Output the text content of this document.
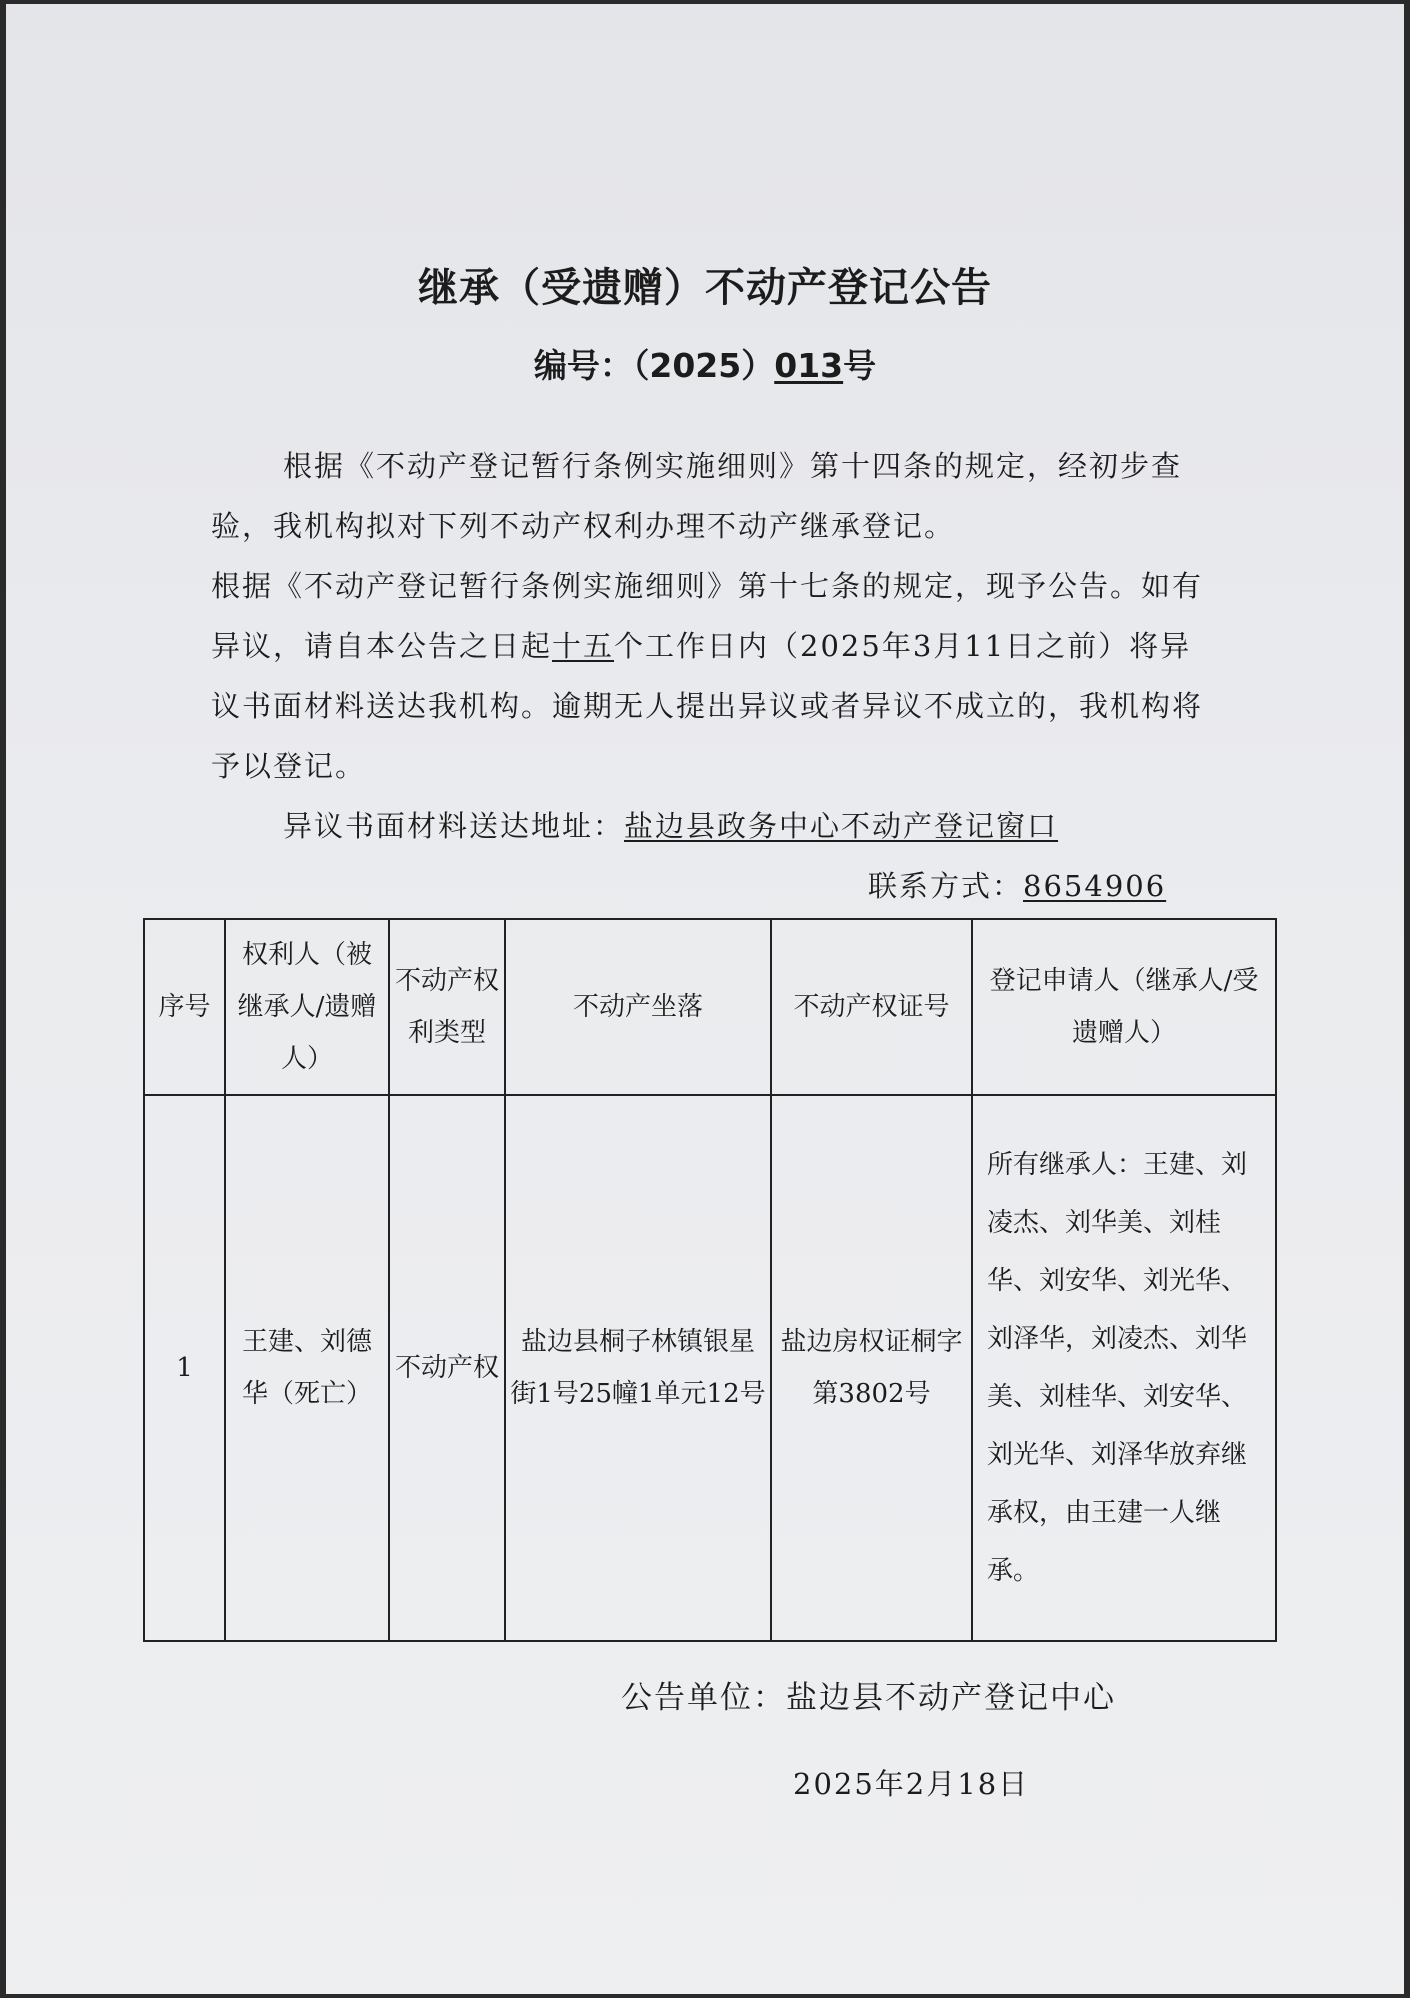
继承（受遗赠）不动产登记公告
编号：（2025）013号

根据《不动产登记暂行条例实施细则》第十四条的规定，经初步查验，我机构拟对下列不动产权利办理不动产继承登记。

根据《不动产登记暂行条例实施细则》第十七条的规定，现予公告。如有异议，请自本公告之日起十五个工作日内（2025年3月11日之前）将异议书面材料送达我机构。逾期无人提出异议或者异议不成立的，我机构将予以登记。

异议书面材料送达地址：盐边县政务中心不动产登记窗口
联系方式：8654906
序号	权利人（被继承人/遗赠人）	不动产权利类型	不动产坐落	不动产权证号	登记申请人（继承人/受遗赠人）
1	王建、刘德华（死亡）	不动产权	盐边县桐子林镇银星街1号25幢1单元12号	盐边房权证桐字第3802号	所有继承人：王建、刘凌杰、刘华美、刘桂华、刘安华、刘光华、刘泽华，刘凌杰、刘华美、刘桂华、刘安华、刘光华、刘泽华放弃继承权，由王建一人继承。
公告单位：盐边县不动产登记中心
2025年2月18日
